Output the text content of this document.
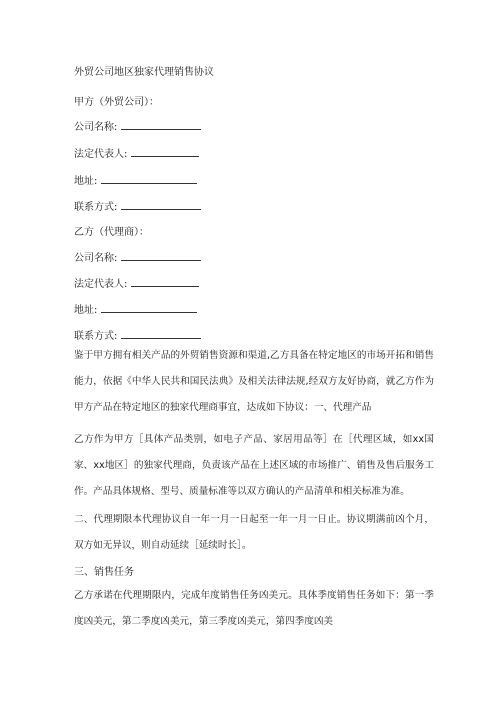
外贸公司地区独家代理销售协议
甲方（外贸公司）：
公司名称:
法定代表人:
地址:
联系方式:
乙方（代理商）：
公司名称:
法定代表人:
地址:
联系方式:
鉴于甲方拥有相关产品的外贸销售资源和渠道,乙方具备在特定地区的市场开拓和销售能力，依据《中华人民共和国民法典》及相关法律法规,经双方友好协商，就乙方作为甲方产品在特定地区的独家代理商事宜，达成如下协议：一、代理产品
乙方作为甲方［具体产品类别，如电子产品、家居用品等］在［代理区域，如xx国家、xx地区］的独家代理商，负责该产品在上述区域的市场推广、销售及售后服务工作。产品具体规格、型号、质量标准等以双方确认的产品清单和相关标准为准。
二、代理期限本代理协议自一年一月一日起至一年一月一日止。协议期满前凶个月，双方如无异议，则自动延续［延续时长］。
三、销售任务
乙方承诺在代理期限内，完成年度销售任务凶美元。具体季度销售任务如下：第一季度凶美元，第二季度凶美元，第三季度凶美元，第四季度凶美
